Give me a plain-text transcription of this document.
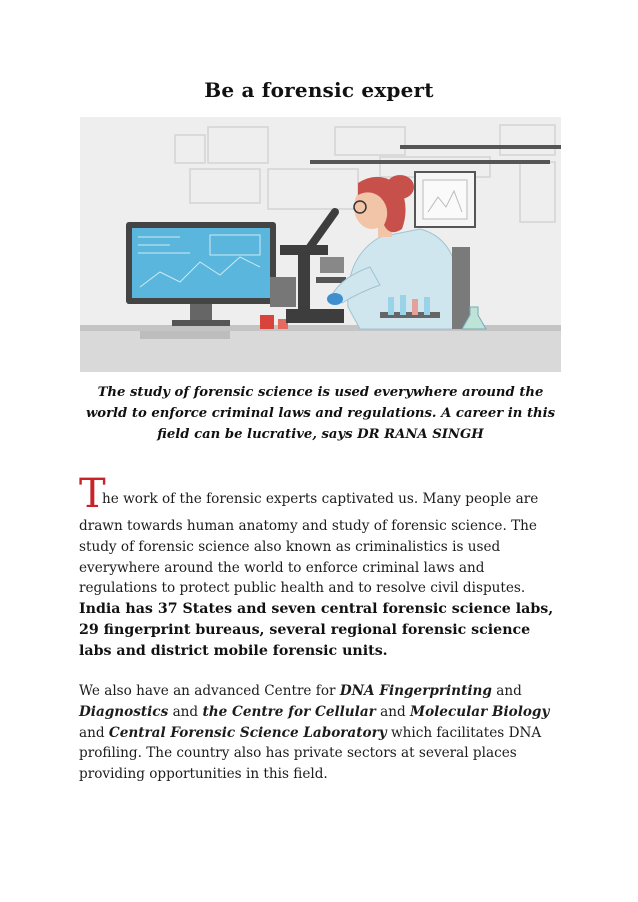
Be a forensic expert
The study of forensic science is used everywhere around the world to enforce criminal laws and regulations. A career in this field can be lucrative, says DR RANA SINGH
T
he work of the forensic experts captivated us. Many people are
drawn towards human anatomy and study of forensic science. The study of forensic science also known as criminalistics is used everywhere around the world to enforce criminal laws and regulations to protect public health and to resolve civil disputes.
India has 37 States and seven central forensic science labs, 29 fingerprint bureaus, several regional forensic science labs and district mobile forensic units.
We also have an advanced Centre for DNA Fingerprinting and Diagnostics and the Centre for Cellular and Molecular Biology and Central Forensic Science Laboratory which facilitates DNA profiling. The country also has private sectors at several places providing opportunities in this field.
